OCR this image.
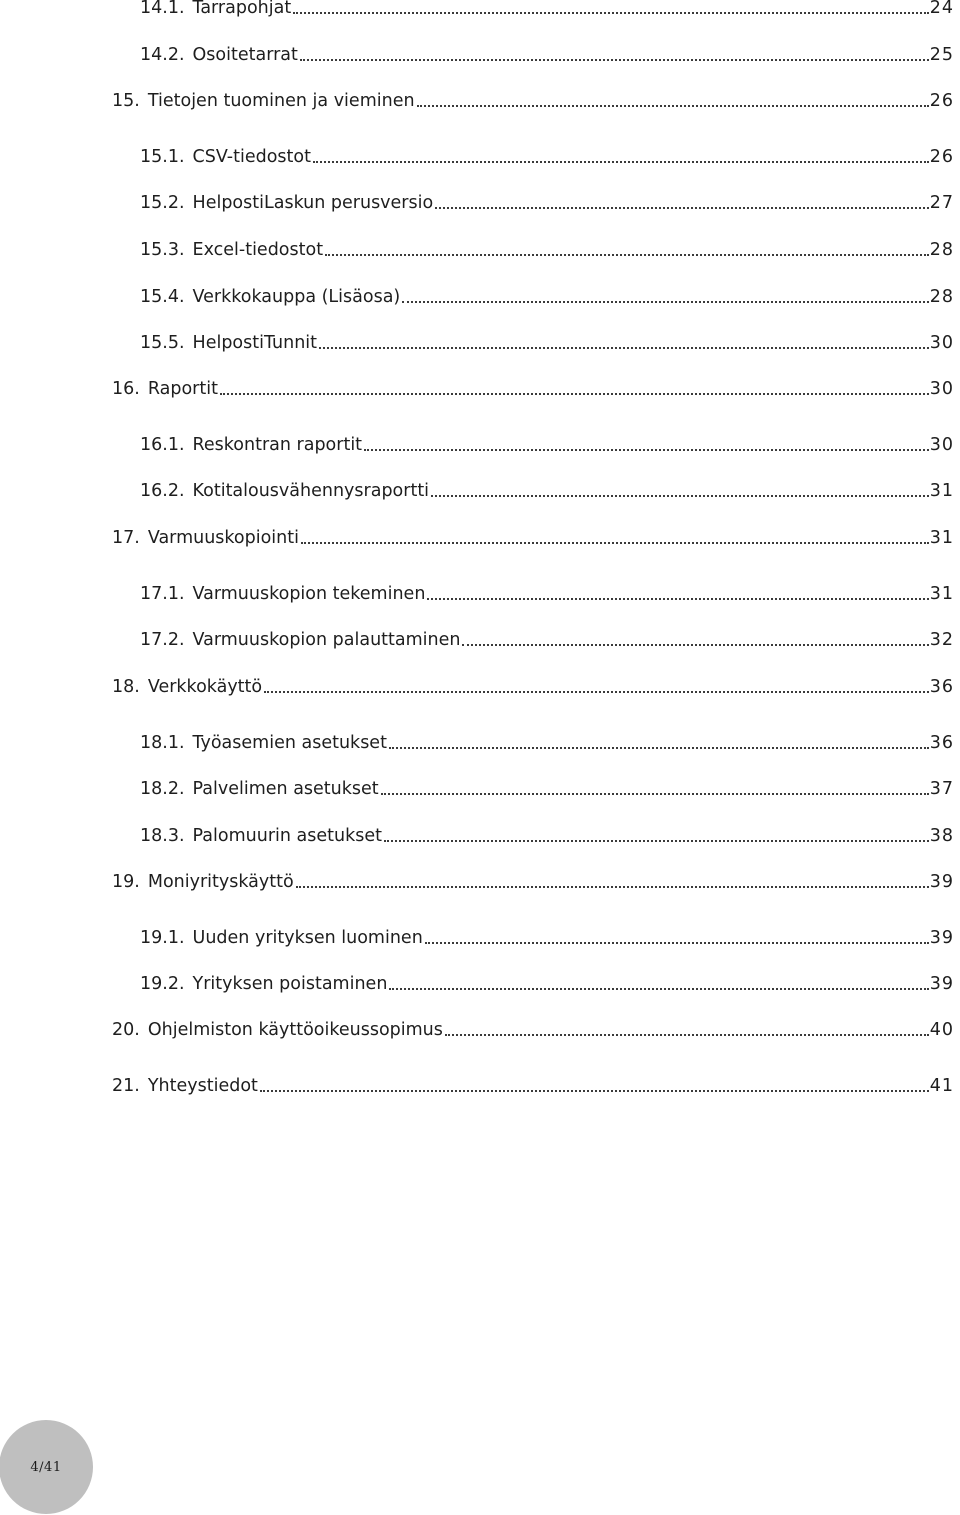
14.1. Tarrapohjat	24
14.2. Osoitetarrat	25
15. Tietojen tuominen ja vieminen	26
15.1. CSV-tiedostot	26
15.2. HelpostiLaskun perusversio	27
15.3. Excel-tiedostot	28
15.4. Verkkokauppa (Lisäosa)	28
15.5. HelpostiTunnit	30
16. Raportit	30
16.1. Reskontran raportit	30
16.2. Kotitalousvähennysraportti	31
17. Varmuuskopiointi	31
17.1. Varmuuskopion tekeminen	31
17.2. Varmuuskopion palauttaminen	32
18. Verkkokäyttö	36
18.1. Työasemien asetukset	36
18.2. Palvelimen asetukset	37
18.3. Palomuurin asetukset	38
19. Moniyrityskäyttö	39
19.1. Uuden yrityksen luominen	39
19.2. Yrityksen poistaminen	39
20. Ohjelmiston käyttöoikeussopimus	40
21. Yhteystiedot	41
4/41
